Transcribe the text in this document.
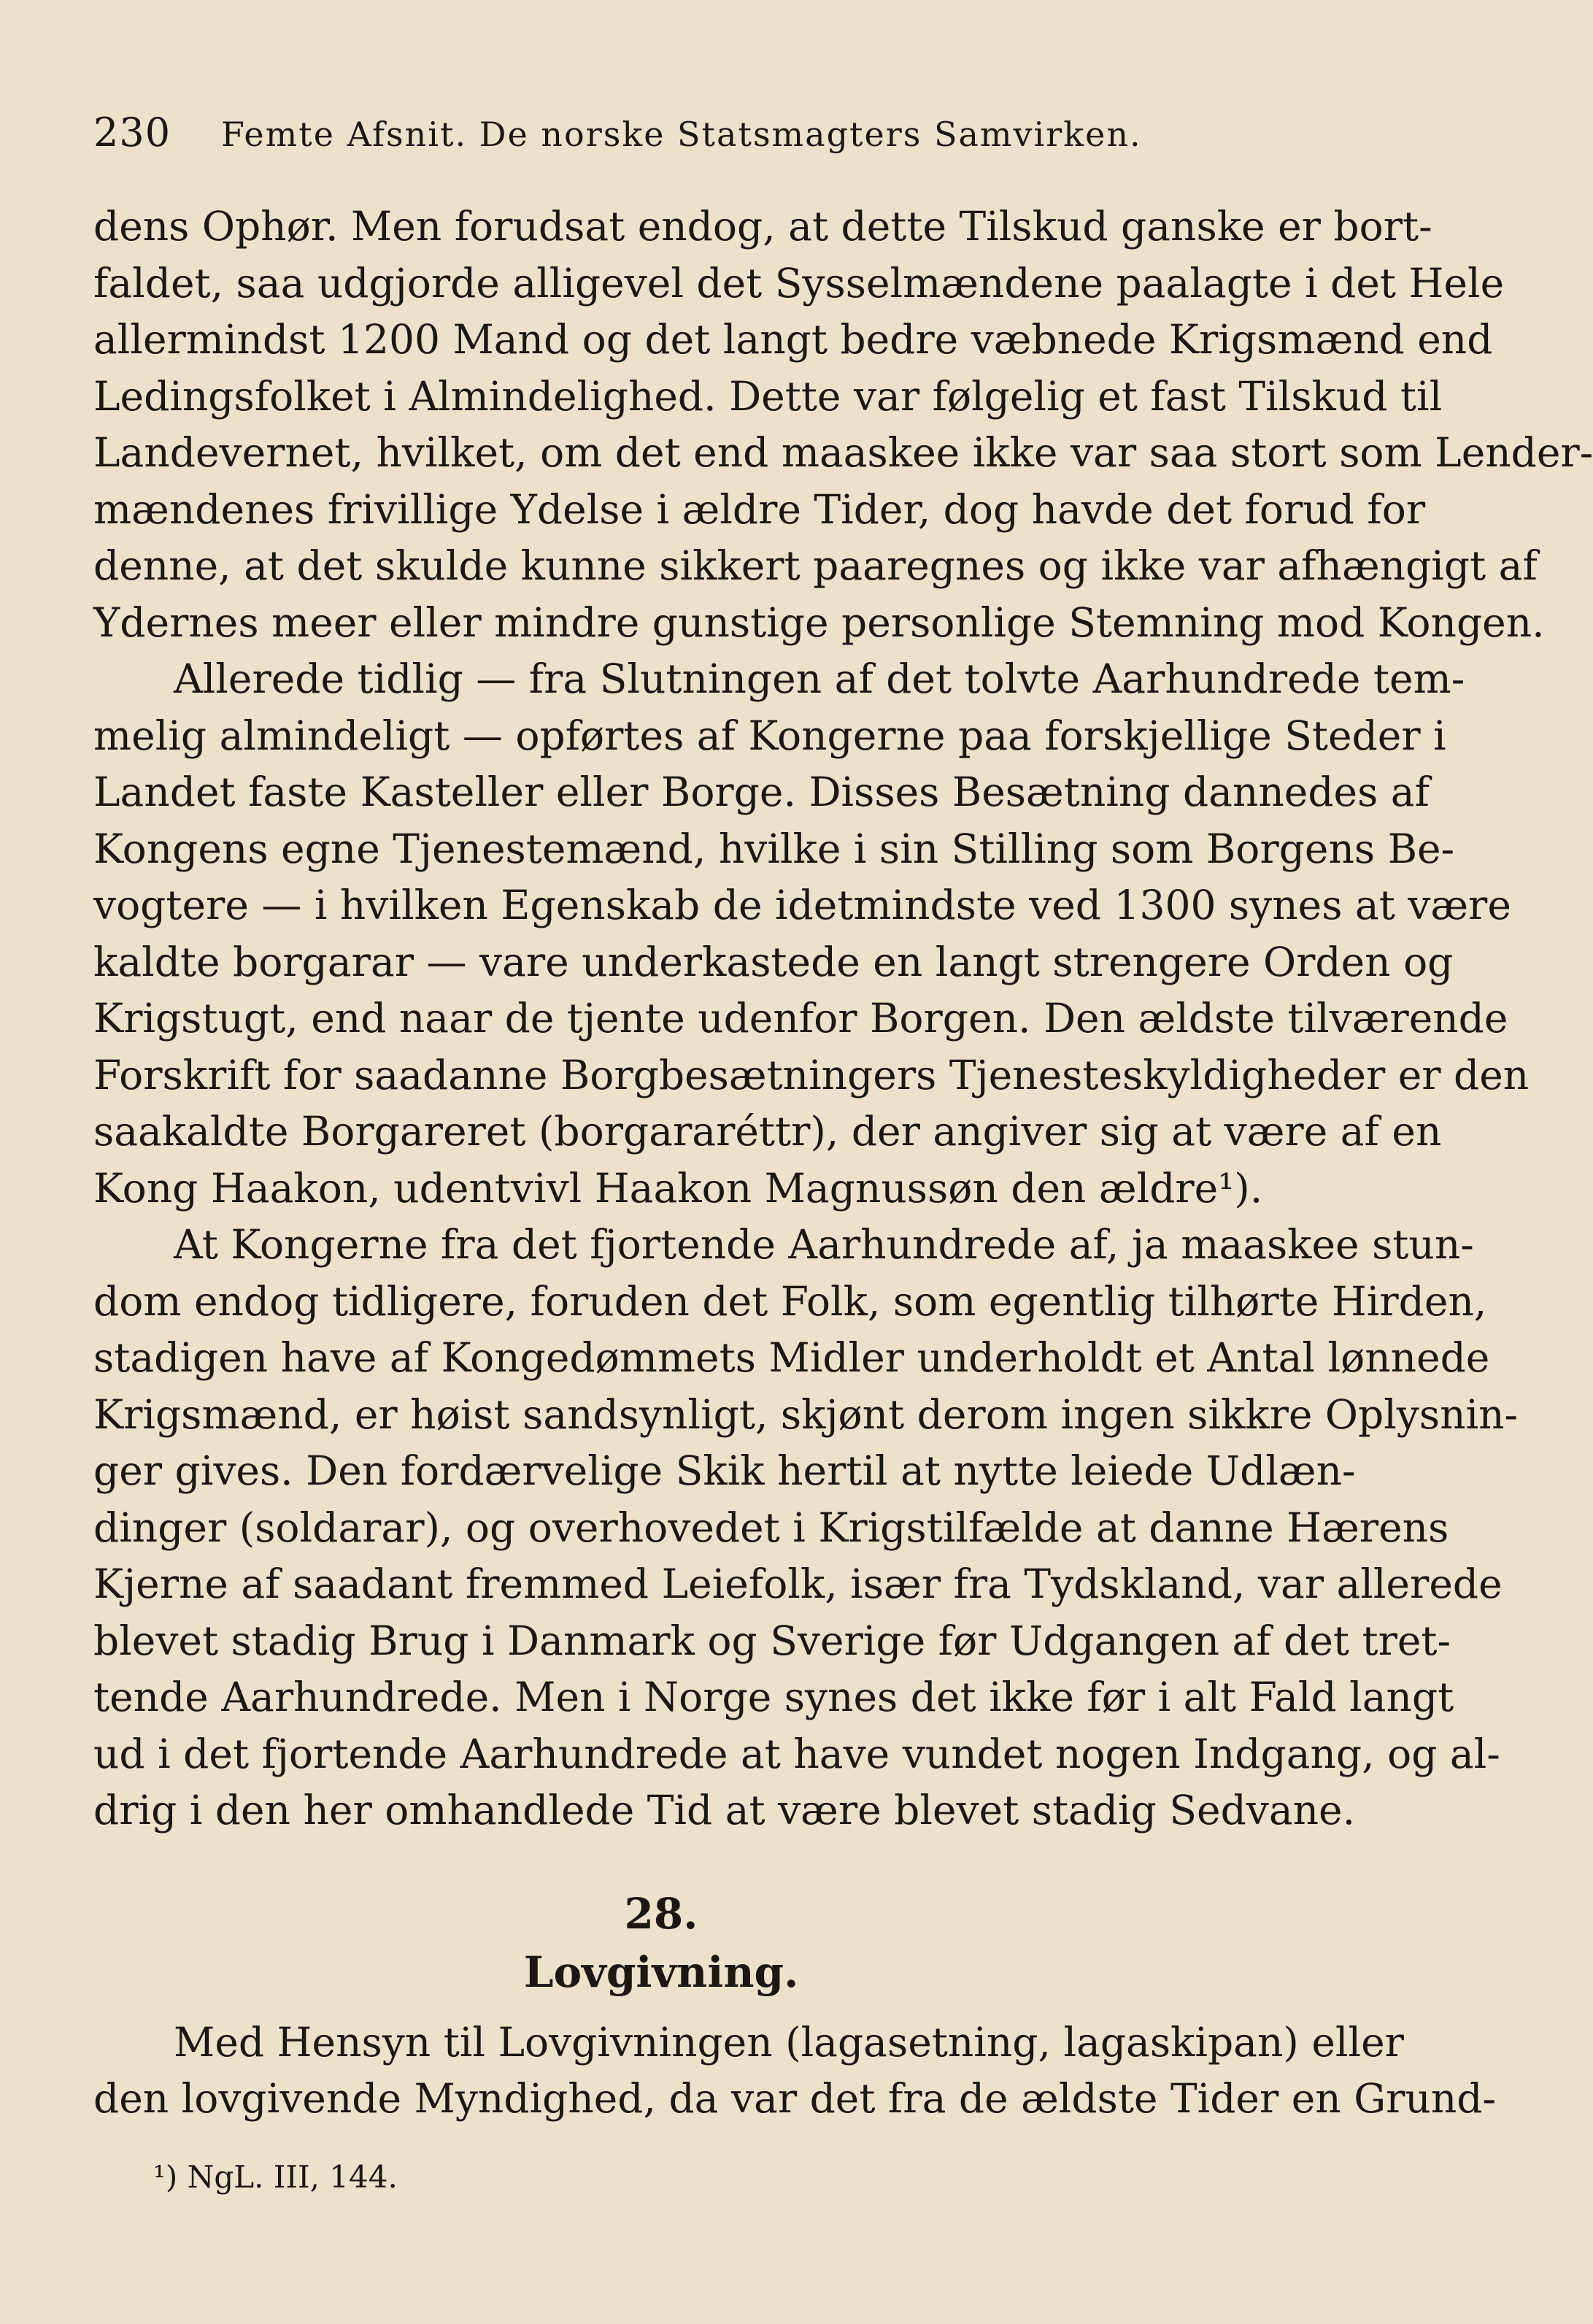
230	Femte Afsnit. De norske Statsmagters Samvirken.
dens Ophør. Men forudsat endog, at dette Tilskud ganske er bort-
faldet, saa udgjorde alligevel det Sysselmændene paalagte i det Hele
allermindst 1200 Mand og det langt bedre væbnede Krigsmænd end
Ledingsfolket i Almindelighed. Dette var følgelig et fast Tilskud til
Landevernet, hvilket, om det end maaskee ikke var saa stort som Lender-
mændenes frivillige Ydelse i ældre Tider, dog havde det forud for
denne, at det skulde kunne sikkert paaregnes og ikke var afhængigt af
Ydernes meer eller mindre gunstige personlige Stemning mod Kongen.
Allerede tidlig — fra Slutningen af det tolvte Aarhundrede tem-
melig almindeligt — opførtes af Kongerne paa forskjellige Steder i
Landet faste Kasteller eller Borge. Disses Besætning dannedes af
Kongens egne Tjenestemænd, hvilke i sin Stilling som Borgens Be-
vogtere — i hvilken Egenskab de idetmindste ved 1300 synes at være
kaldte borgarar — vare underkastede en langt strengere Orden og
Krigstugt, end naar de tjente udenfor Borgen. Den ældste tilværende
Forskrift for saadanne Borgbesætningers Tjenesteskyldigheder er den
saakaldte Borgareret (borgararéttr), der angiver sig at være af en
Kong Haakon, udentvivl Haakon Magnussøn den ældre¹).
At Kongerne fra det fjortende Aarhundrede af, ja maaskee stun-
dom endog tidligere, foruden det Folk, som egentlig tilhørte Hirden,
stadigen have af Kongedømmets Midler underholdt et Antal lønnede
Krigsmænd, er høist sandsynligt, skjønt derom ingen sikkre Oplysnin-
ger gives. Den fordærvelige Skik hertil at nytte leiede Udlæn-
dinger (soldarar), og overhovedet i Krigstilfælde at danne Hærens
Kjerne af saadant fremmed Leiefolk, især fra Tydskland, var allerede
blevet stadig Brug i Danmark og Sverige før Udgangen af det tret-
tende Aarhundrede. Men i Norge synes det ikke før i alt Fald langt
ud i det fjortende Aarhundrede at have vundet nogen Indgang, og al-
drig i den her omhandlede Tid at være blevet stadig Sedvane.
28.
Lovgivning.
Med Hensyn til Lovgivningen (lagasetning, lagaskipan) eller
den lovgivende Myndighed, da var det fra de ældste Tider en Grund-
¹) NgL. III, 144.
